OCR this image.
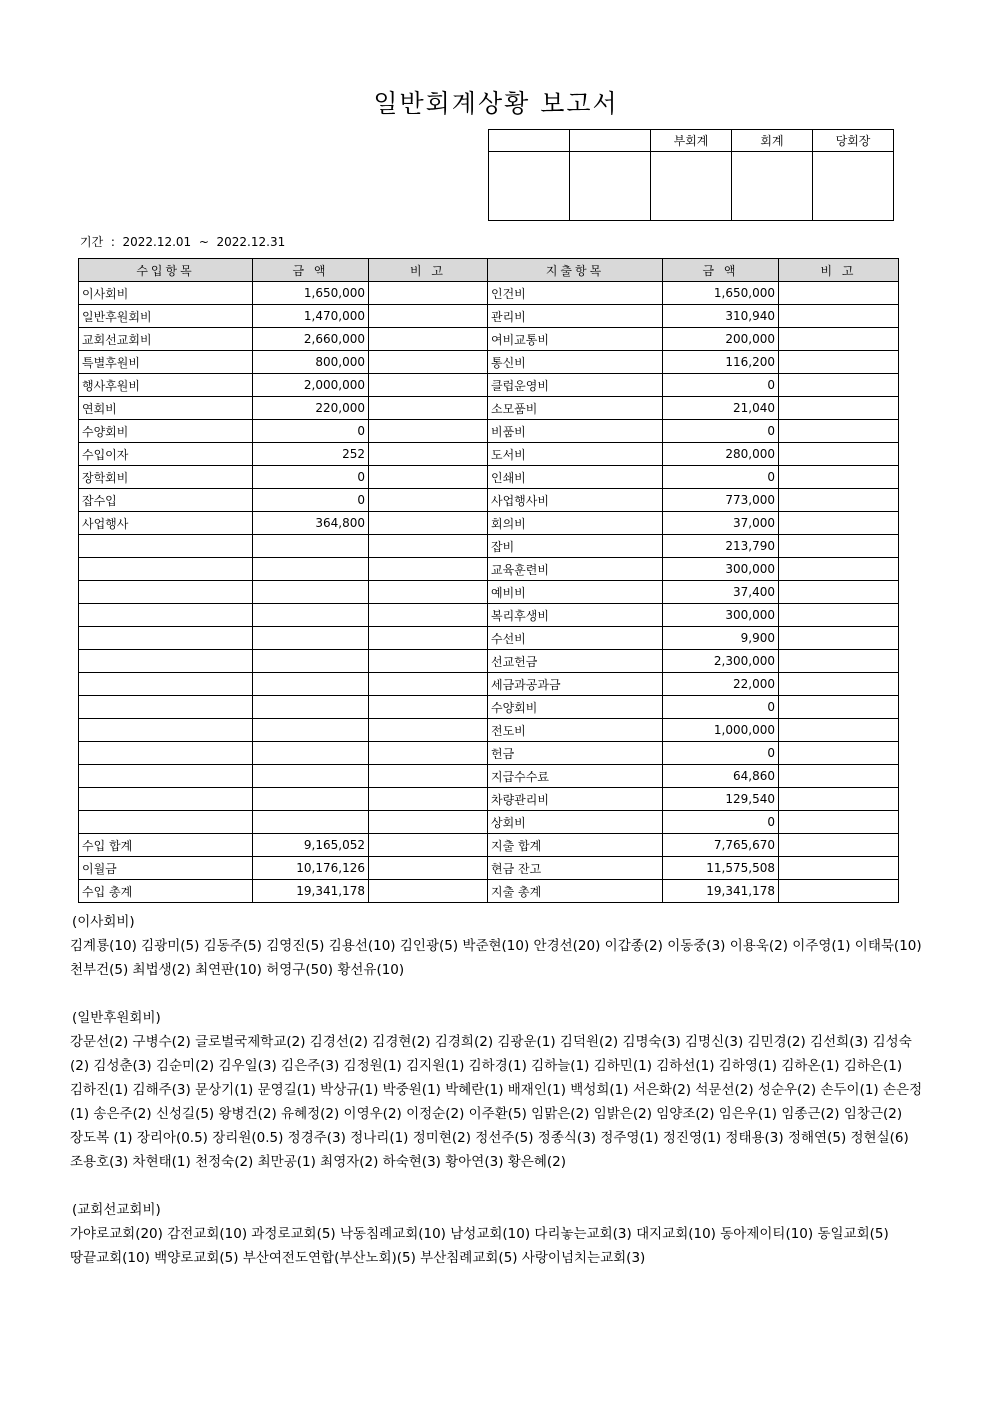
일반회계상황 보고서
		부회계	회계	당회장

기간  :  2022.12.01  ~  2022.12.31
수입항목	금 액	비 고	지출항목	금 액	비 고
이사회비	1,650,000		인건비	1,650,000	
일반후원회비	1,470,000		관리비	310,940	
교회선교회비	2,660,000		여비교통비	200,000	
특별후원비	800,000		통신비	116,200	
행사후원비	2,000,000		클럽운영비	0	
연회비	220,000		소모품비	21,040	
수양회비	0		비품비	0	
수입이자	252		도서비	280,000	
장학회비	0		인쇄비	0	
잡수입	0		사업행사비	773,000	
사업행사	364,800		회의비	37,000	
			잡비	213,790	
			교육훈련비	300,000	
			예비비	37,400	
			복리후생비	300,000	
			수선비	9,900	
			선교헌금	2,300,000	
			세금과공과금	22,000	
			수양회비	0	
			전도비	1,000,000	
			헌금	0	
			지급수수료	64,860	
			차량관리비	129,540	
			상회비	0	
수입 합계	9,165,052		지출 합계	7,765,670	
이월금	10,176,126		현금 잔고	11,575,508	
수입 총계	19,341,178		지출 총계	19,341,178	
(이사회비)
김계룡(10) 김광미(5) 김동주(5) 김영진(5) 김용선(10) 김인광(5) 박준현(10) 안경선(20) 이갑종(2) 이동중(3) 이용욱(2) 이주영(1) 이태묵(10) 천부건(5) 최법생(2) 최연판(10) 허영구(50) 황선유(10)
(일반후원회비)
강문선(2) 구병수(2) 글로벌국제학교(2) 김경선(2) 김경현(2) 김경희(2) 김광운(1) 김덕원(2) 김명숙(3) 김명신(3) 김민경(2) 김선희(3) 김성숙(2) 김성춘(3) 김순미(2) 김우일(3) 김은주(3) 김정원(1) 김지원(1) 김하경(1) 김하늘(1) 김하민(1) 김하선(1) 김하영(1) 김하온(1) 김하은(1) 김하진(1) 김해주(3) 문상기(1) 문영길(1) 박상규(1) 박중원(1) 박혜란(1) 배재인(1) 백성희(1) 서은화(2) 석문선(2) 성순우(2) 손두이(1) 손은정(1) 송은주(2) 신성길(5) 왕병건(2) 유혜정(2) 이영우(2) 이정순(2) 이주환(5) 임맑은(2) 임밝은(2) 임양조(2) 임은우(1) 임종근(2) 임창근(2) 장도복 (1) 장리아(0.5) 장리원(0.5) 정경주(3) 정나리(1) 정미현(2) 정선주(5) 정종식(3) 정주영(1) 정진영(1) 정태용(3) 정해연(5) 정현실(6) 조용호(3) 차현태(1) 천정숙(2) 최만공(1) 최영자(2) 하숙현(3) 황아연(3) 황은혜(2)
(교회선교회비)
가야로교회(20) 감전교회(10) 과정로교회(5) 낙동침례교회(10) 남성교회(10) 다리놓는교회(3) 대지교회(10) 동아제이티(10) 동일교회(5) 땅끝교회(10) 백양로교회(5) 부산여전도연합(부산노회)(5) 부산침례교회(5) 사랑이넘치는교회(3)
